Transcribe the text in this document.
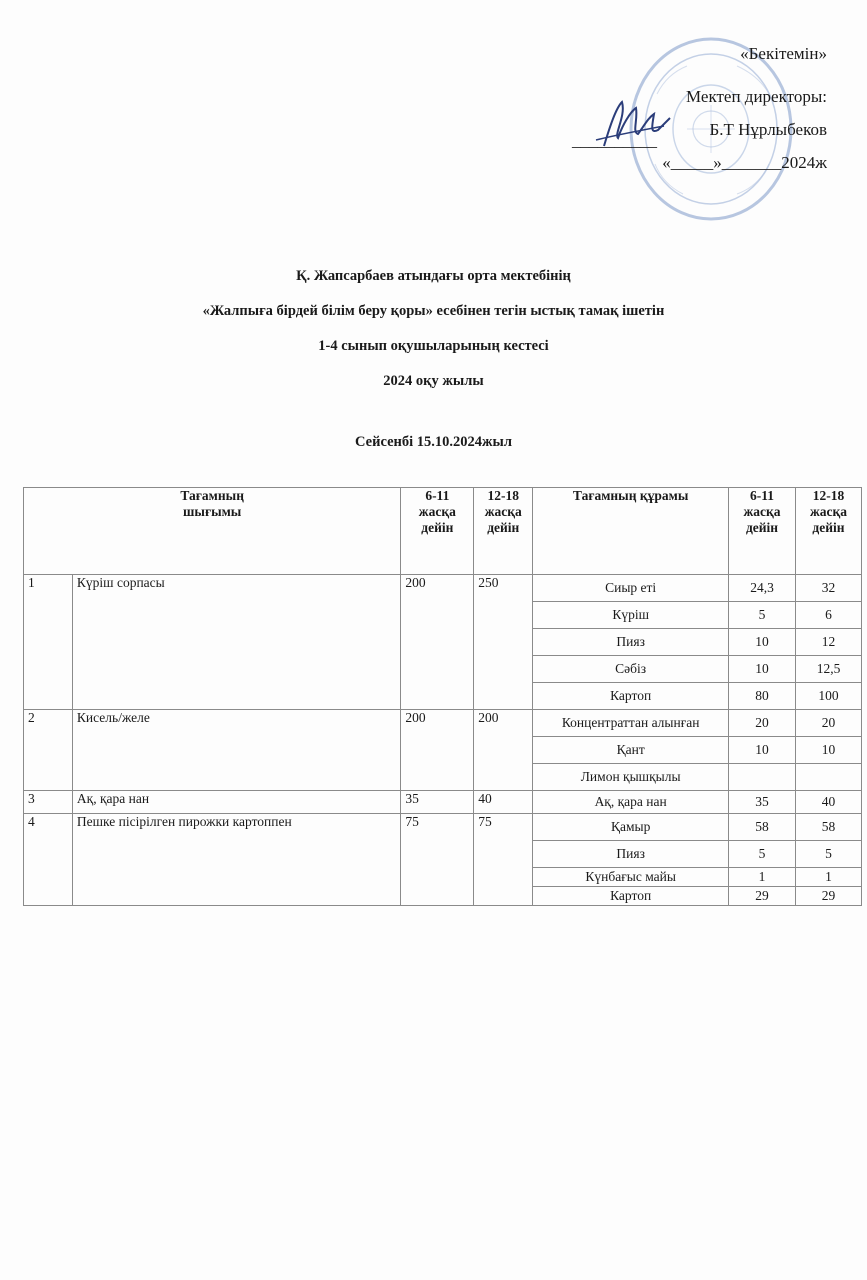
__________
«Бекітемін»
Мектеп директоры:
Б.Т Нұрлыбеков
«_____»_______2024ж
Қ. Жапсарбаев атындағы орта мектебінің
«Жалпыға бірдей білім беру қоры» есебінен тегін ыстық тамақ ішетін
1-4 сынып оқушыларының кестесі
2024 оқу жылы
Сейсенбі 15.10.2024жыл
Тағамның
шығымы		6-11 жасқа дейін	12-18 жасқа дейін	Тағамның құрамы	6-11 жасқа дейін	12-18 жасқа дейін
1	Күріш сорпасы	200	250	Сиыр еті	24,3	32
				Күріш	5	6
				Пияз	10	12
				Сәбіз	10	12,5
				Картоп	80	100
2	Кисель/желе	200	200	Концентраттан алынған	20	20
				Қант	10	10
				Лимон қышқылы		
3	Ақ, қара нан	35	40	Ақ, қара нан	35	40
4	Пешке пісірілген пирожки картоппен	75	75	Қамыр	58	58
				Пияз	5	5
				Күнбағыс майы	1	1
				Картоп	29	29
